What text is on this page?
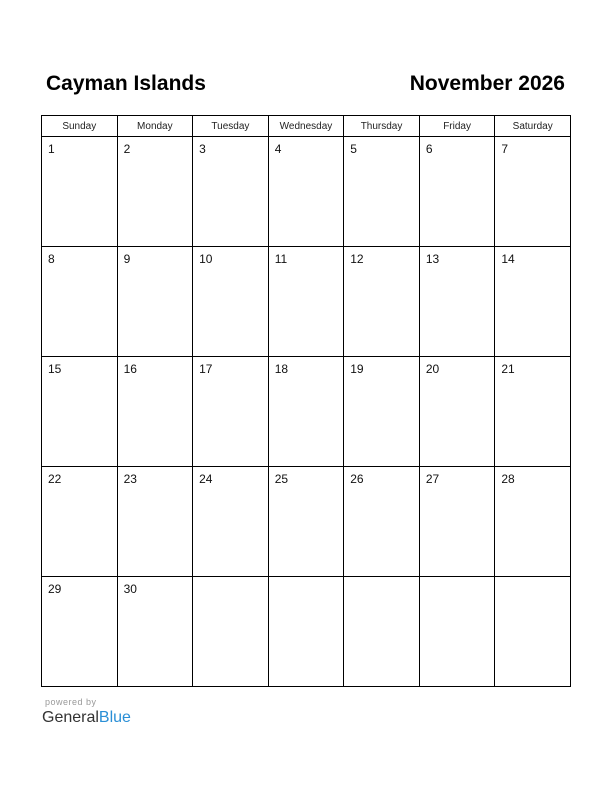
Cayman Islands	November 2026
Sunday	Monday	Tuesday	Wednesday	Thursday	Friday	Saturday

1	2	3	4	5	6	7

8	9	10	11	12	13	14

15	16	17	18	19	20	21

22	23	24	25	26	27	28

29	30					

powered by
GeneralBlue
